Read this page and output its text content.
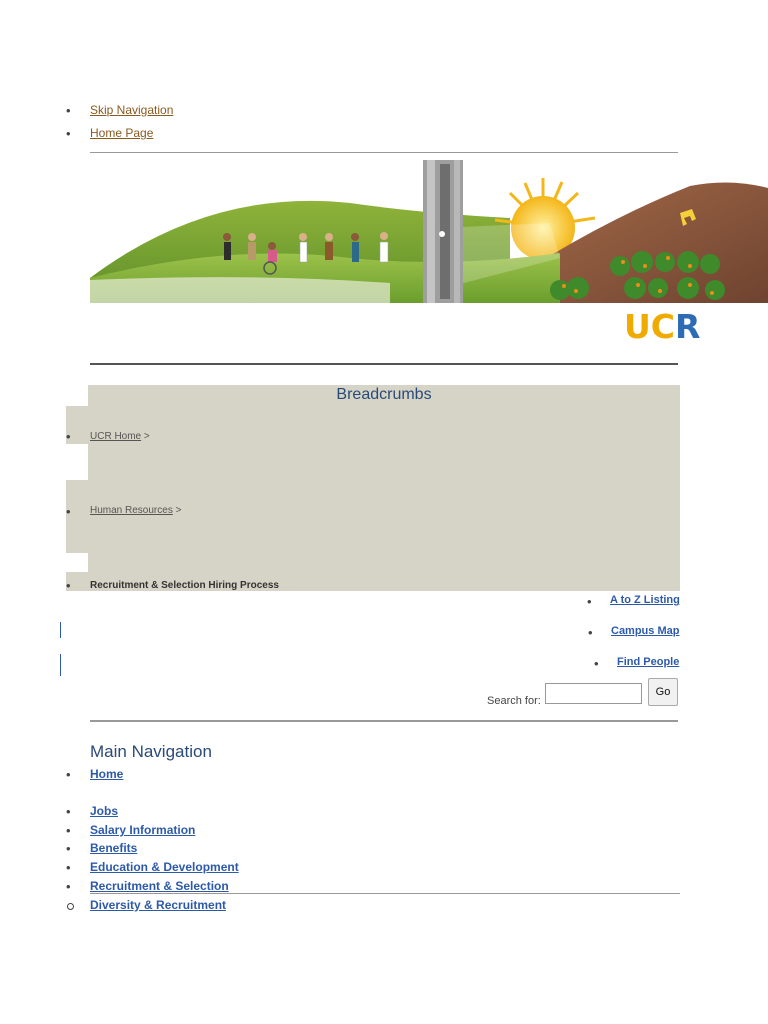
• Skip Navigation
• Home Page
UCR
Breadcrumbs
• UCR Home >
• Human Resources >
• Recruitment & Selection Hiring Process
• A to Z Listing
• Campus Map
• Find People
Search for:
Go
Main Navigation
• Home
• Jobs
• Salary Information
• Benefits
• Education & Development
• Recruitment & Selection
Diversity & Recruitment
